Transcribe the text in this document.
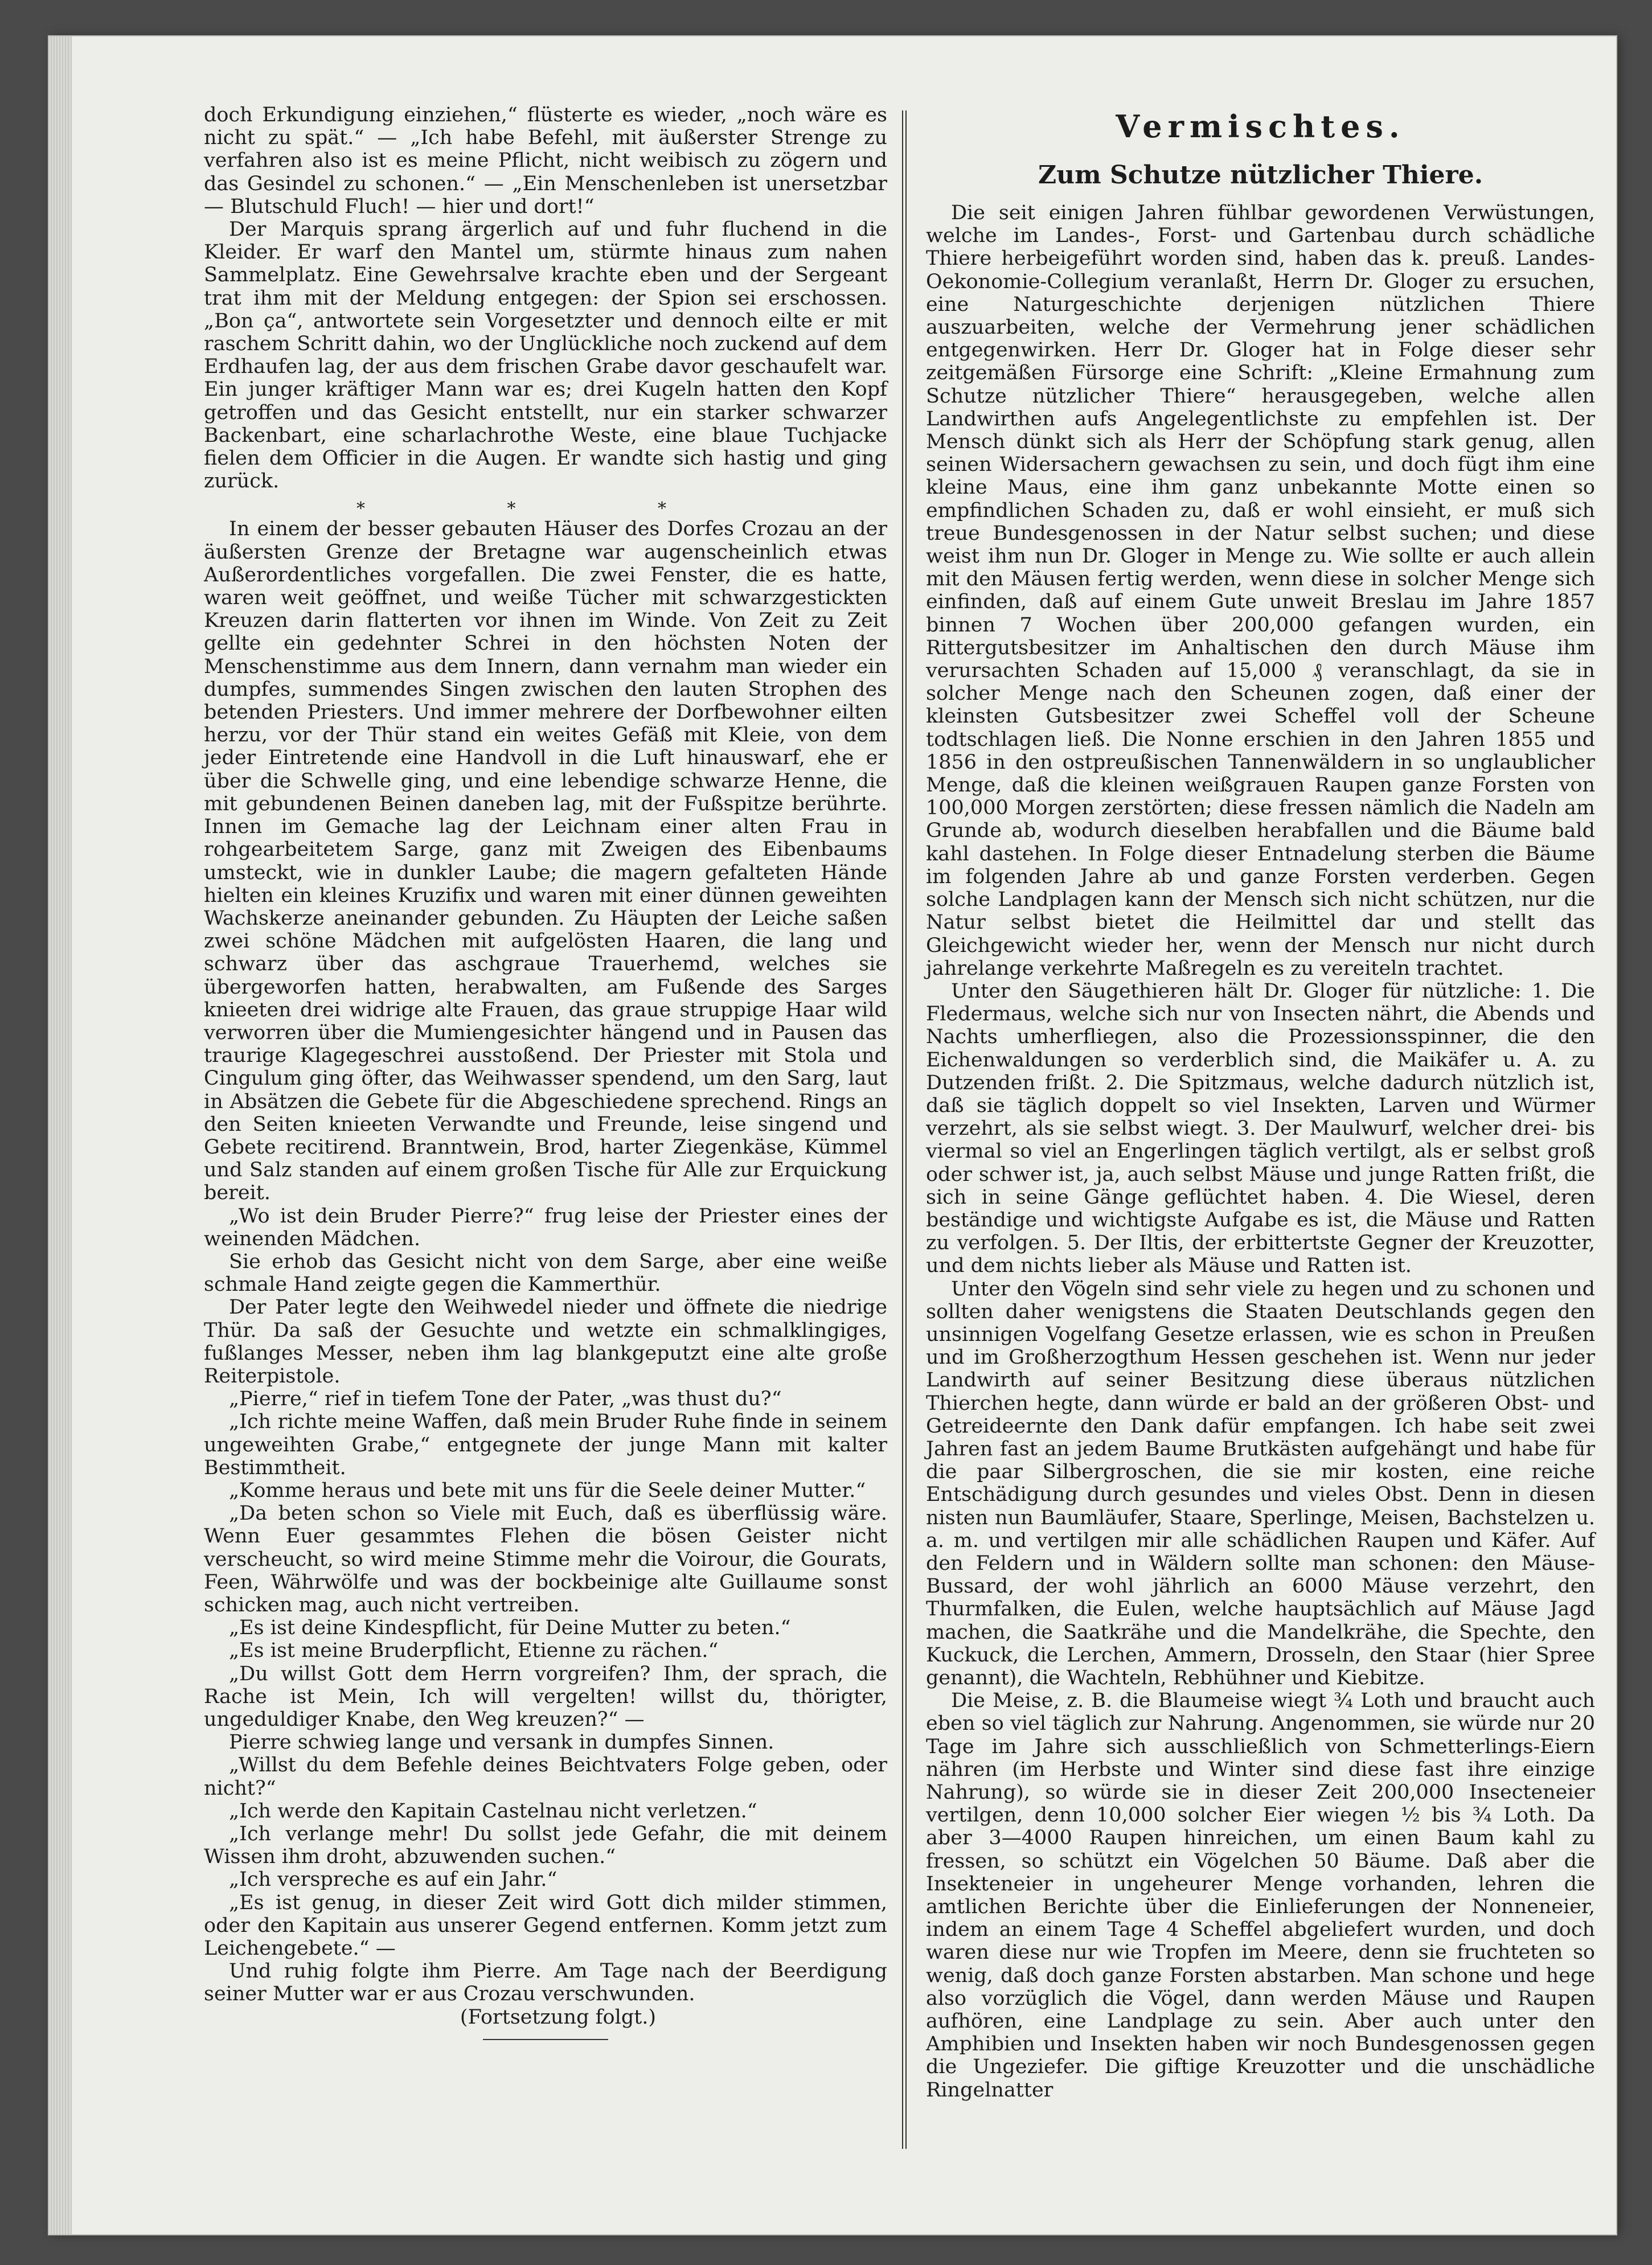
doch Erkundigung einziehen,“ flüsterte es wieder, „noch wäre es nicht zu spät.“ — „Ich habe Befehl, mit äußerster Strenge zu verfahren also ist es meine Pflicht, nicht weibisch zu zögern und das Gesindel zu schonen.“ — „Ein Menschenleben ist unersetzbar — Blutschuld Fluch! — hier und dort!“

Der Marquis sprang ärgerlich auf und fuhr fluchend in die Kleider. Er warf den Mantel um, stürmte hinaus zum nahen Sammelplatz. Eine Gewehrsalve krachte eben und der Sergeant trat ihm mit der Meldung entgegen: der Spion sei erschossen. „Bon ça“, antwortete sein Vorgesetzter und dennoch eilte er mit raschem Schritt dahin, wo der Unglückliche noch zuckend auf dem Erdhaufen lag, der aus dem frischen Grabe davor geschaufelt war. Ein junger kräftiger Mann war es; drei Kugeln hatten den Kopf getroffen und das Gesicht entstellt, nur ein starker schwarzer Backenbart, eine scharlachrothe Weste, eine blaue Tuchjacke fielen dem Officier in die Augen. Er wandte sich hastig und ging zurück.

* * *

In einem der besser gebauten Häuser des Dorfes Crozau an der äußersten Grenze der Bretagne war augenscheinlich etwas Außerordentliches vorgefallen. Die zwei Fenster, die es hatte, waren weit geöffnet, und weiße Tücher mit schwarzgestickten Kreuzen darin flatterten vor ihnen im Winde. Von Zeit zu Zeit gellte ein gedehnter Schrei in den höchsten Noten der Menschenstimme aus dem Innern, dann vernahm man wieder ein dumpfes, summendes Singen zwischen den lauten Strophen des betenden Priesters. Und immer mehrere der Dorfbewohner eilten herzu, vor der Thür stand ein weites Gefäß mit Kleie, von dem jeder Eintretende eine Handvoll in die Luft hinauswarf, ehe er über die Schwelle ging, und eine lebendige schwarze Henne, die mit gebundenen Beinen daneben lag, mit der Fußspitze berührte. Innen im Gemache lag der Leichnam einer alten Frau in rohgearbeitetem Sarge, ganz mit Zweigen des Eibenbaums umsteckt, wie in dunkler Laube; die magern gefalteten Hände hielten ein kleines Kruzifix und waren mit einer dünnen geweihten Wachskerze aneinander gebunden. Zu Häupten der Leiche saßen zwei schöne Mädchen mit aufgelösten Haaren, die lang und schwarz über das aschgraue Trauerhemd, welches sie übergeworfen hatten, herabwalten, am Fußende des Sarges knieeten drei widrige alte Frauen, das graue struppige Haar wild verworren über die Mumiengesichter hängend und in Pausen das traurige Klagegeschrei ausstoßend. Der Priester mit Stola und Cingulum ging öfter, das Weihwasser spendend, um den Sarg, laut in Absätzen die Gebete für die Abgeschiedene sprechend. Rings an den Seiten knieeten Verwandte und Freunde, leise singend und Gebete recitirend. Branntwein, Brod, harter Ziegenkäse, Kümmel und Salz standen auf einem großen Tische für Alle zur Erquickung bereit.

„Wo ist dein Bruder Pierre?“ frug leise der Priester eines der weinenden Mädchen.

Sie erhob das Gesicht nicht von dem Sarge, aber eine weiße schmale Hand zeigte gegen die Kammerthür.

Der Pater legte den Weihwedel nieder und öffnete die niedrige Thür. Da saß der Gesuchte und wetzte ein schmalklingiges, fußlanges Messer, neben ihm lag blankgeputzt eine alte große Reiterpistole.

„Pierre,“ rief in tiefem Tone der Pater, „was thust du?“

„Ich richte meine Waffen, daß mein Bruder Ruhe finde in seinem ungeweihten Grabe,“ entgegnete der junge Mann mit kalter Bestimmtheit.

„Komme heraus und bete mit uns für die Seele deiner Mutter.“

„Da beten schon so Viele mit Euch, daß es überflüssig wäre. Wenn Euer gesammtes Flehen die bösen Geister nicht verscheucht, so wird meine Stimme mehr die Voirour, die Gourats, Feen, Währwölfe und was der bockbeinige alte Guillaume sonst schicken mag, auch nicht vertreiben.

„Es ist deine Kindespflicht, für Deine Mutter zu beten.“

„Es ist meine Bruderpflicht, Etienne zu rächen.“

„Du willst Gott dem Herrn vorgreifen? Ihm, der sprach, die Rache ist Mein, Ich will vergelten! willst du, thörigter, ungeduldiger Knabe, den Weg kreuzen?“ —

Pierre schwieg lange und versank in dumpfes Sinnen.

„Willst du dem Befehle deines Beichtvaters Folge geben, oder nicht?“

„Ich werde den Kapitain Castelnau nicht verletzen.“

„Ich verlange mehr! Du sollst jede Gefahr, die mit deinem Wissen ihm droht, abzuwenden suchen.“

„Ich verspreche es auf ein Jahr.“

„Es ist genug, in dieser Zeit wird Gott dich milder stimmen, oder den Kapitain aus unserer Gegend entfernen. Komm jetzt zum Leichengebete.“ —

Und ruhig folgte ihm Pierre. Am Tage nach der Beerdigung seiner Mutter war er aus Crozau verschwunden.

(Fortsetzung folgt.)

Vermischtes.
Zum Schutze nützlicher Thiere.

Die seit einigen Jahren fühlbar gewordenen Verwüstungen, welche im Landes-, Forst- und Gartenbau durch schädliche Thiere herbeigeführt worden sind, haben das k. preuß. Landes-Oekonomie-Collegium veranlaßt, Herrn Dr. Gloger zu ersuchen, eine Naturgeschichte derjenigen nützlichen Thiere auszuarbeiten, welche der Vermehrung jener schädlichen entgegenwirken. Herr Dr. Gloger hat in Folge dieser sehr zeitgemäßen Fürsorge eine Schrift: „Kleine Ermahnung zum Schutze nützlicher Thiere“ herausgegeben, welche allen Landwirthen aufs Angelegentlichste zu empfehlen ist. Der Mensch dünkt sich als Herr der Schöpfung stark genug, allen seinen Widersachern gewachsen zu sein, und doch fügt ihm eine kleine Maus, eine ihm ganz unbekannte Motte einen so empfindlichen Schaden zu, daß er wohl einsieht, er muß sich treue Bundesgenossen in der Natur selbst suchen; und diese weist ihm nun Dr. Gloger in Menge zu. Wie sollte er auch allein mit den Mäusen fertig werden, wenn diese in solcher Menge sich einfinden, daß auf einem Gute unweit Breslau im Jahre 1857 binnen 7 Wochen über 200,000 gefangen wurden, ein Rittergutsbesitzer im Anhaltischen den durch Mäuse ihm verursachten Schaden auf 15,000 ₰ veranschlagt, da sie in solcher Menge nach den Scheunen zogen, daß einer der kleinsten Gutsbesitzer zwei Scheffel voll der Scheune todtschlagen ließ. Die Nonne erschien in den Jahren 1855 und 1856 in den ostpreußischen Tannenwäldern in so unglaublicher Menge, daß die kleinen weißgrauen Raupen ganze Forsten von 100,000 Morgen zerstörten; diese fressen nämlich die Nadeln am Grunde ab, wodurch dieselben herabfallen und die Bäume bald kahl dastehen. In Folge dieser Entnadelung sterben die Bäume im folgenden Jahre ab und ganze Forsten verderben. Gegen solche Landplagen kann der Mensch sich nicht schützen, nur die Natur selbst bietet die Heilmittel dar und stellt das Gleichgewicht wieder her, wenn der Mensch nur nicht durch jahrelange verkehrte Maßregeln es zu vereiteln trachtet.

Unter den Säugethieren hält Dr. Gloger für nützliche: 1. Die Fledermaus, welche sich nur von Insecten nährt, die Abends und Nachts umherfliegen, also die Prozessionsspinner, die den Eichenwaldungen so verderblich sind, die Maikäfer u. A. zu Dutzenden frißt. 2. Die Spitzmaus, welche dadurch nützlich ist, daß sie täglich doppelt so viel Insekten, Larven und Würmer verzehrt, als sie selbst wiegt. 3. Der Maulwurf, welcher drei- bis viermal so viel an Engerlingen täglich vertilgt, als er selbst groß oder schwer ist, ja, auch selbst Mäuse und junge Ratten frißt, die sich in seine Gänge geflüchtet haben. 4. Die Wiesel, deren beständige und wichtigste Aufgabe es ist, die Mäuse und Ratten zu verfolgen. 5. Der Iltis, der erbittertste Gegner der Kreuzotter, und dem nichts lieber als Mäuse und Ratten ist.

Unter den Vögeln sind sehr viele zu hegen und zu schonen und sollten daher wenigstens die Staaten Deutschlands gegen den unsinnigen Vogelfang Gesetze erlassen, wie es schon in Preußen und im Großherzogthum Hessen geschehen ist. Wenn nur jeder Landwirth auf seiner Besitzung diese überaus nützlichen Thierchen hegte, dann würde er bald an der größeren Obst- und Getreideernte den Dank dafür empfangen. Ich habe seit zwei Jahren fast an jedem Baume Brutkästen aufgehängt und habe für die paar Silbergroschen, die sie mir kosten, eine reiche Entschädigung durch gesundes und vieles Obst. Denn in diesen nisten nun Baumläufer, Staare, Sperlinge, Meisen, Bachstelzen u. a. m. und vertilgen mir alle schädlichen Raupen und Käfer. Auf den Feldern und in Wäldern sollte man schonen: den Mäuse-Bussard, der wohl jährlich an 6000 Mäuse verzehrt, den Thurmfalken, die Eulen, welche hauptsächlich auf Mäuse Jagd machen, die Saatkrähe und die Mandelkrähe, die Spechte, den Kuckuck, die Lerchen, Ammern, Drosseln, den Staar (hier Spree genannt), die Wachteln, Rebhühner und Kiebitze.

Die Meise, z. B. die Blaumeise wiegt ¾ Loth und braucht auch eben so viel täglich zur Nahrung. Angenommen, sie würde nur 20 Tage im Jahre sich ausschließlich von Schmetterlings-Eiern nähren (im Herbste und Winter sind diese fast ihre einzige Nahrung), so würde sie in dieser Zeit 200,000 Insecteneier vertilgen, denn 10,000 solcher Eier wiegen ½ bis ¾ Loth. Da aber 3—4000 Raupen hinreichen, um einen Baum kahl zu fressen, so schützt ein Vögelchen 50 Bäume. Daß aber die Insekteneier in ungeheurer Menge vorhanden, lehren die amtlichen Berichte über die Einlieferungen der Nonneneier, indem an einem Tage 4 Scheffel abgeliefert wurden, und doch waren diese nur wie Tropfen im Meere, denn sie fruchteten so wenig, daß doch ganze Forsten abstarben. Man schone und hege also vorzüglich die Vögel, dann werden Mäuse und Raupen aufhören, eine Landplage zu sein. Aber auch unter den Amphibien und Insekten haben wir noch Bundesgenossen gegen die Ungeziefer. Die giftige Kreuzotter und die unschädliche Ringelnatter
